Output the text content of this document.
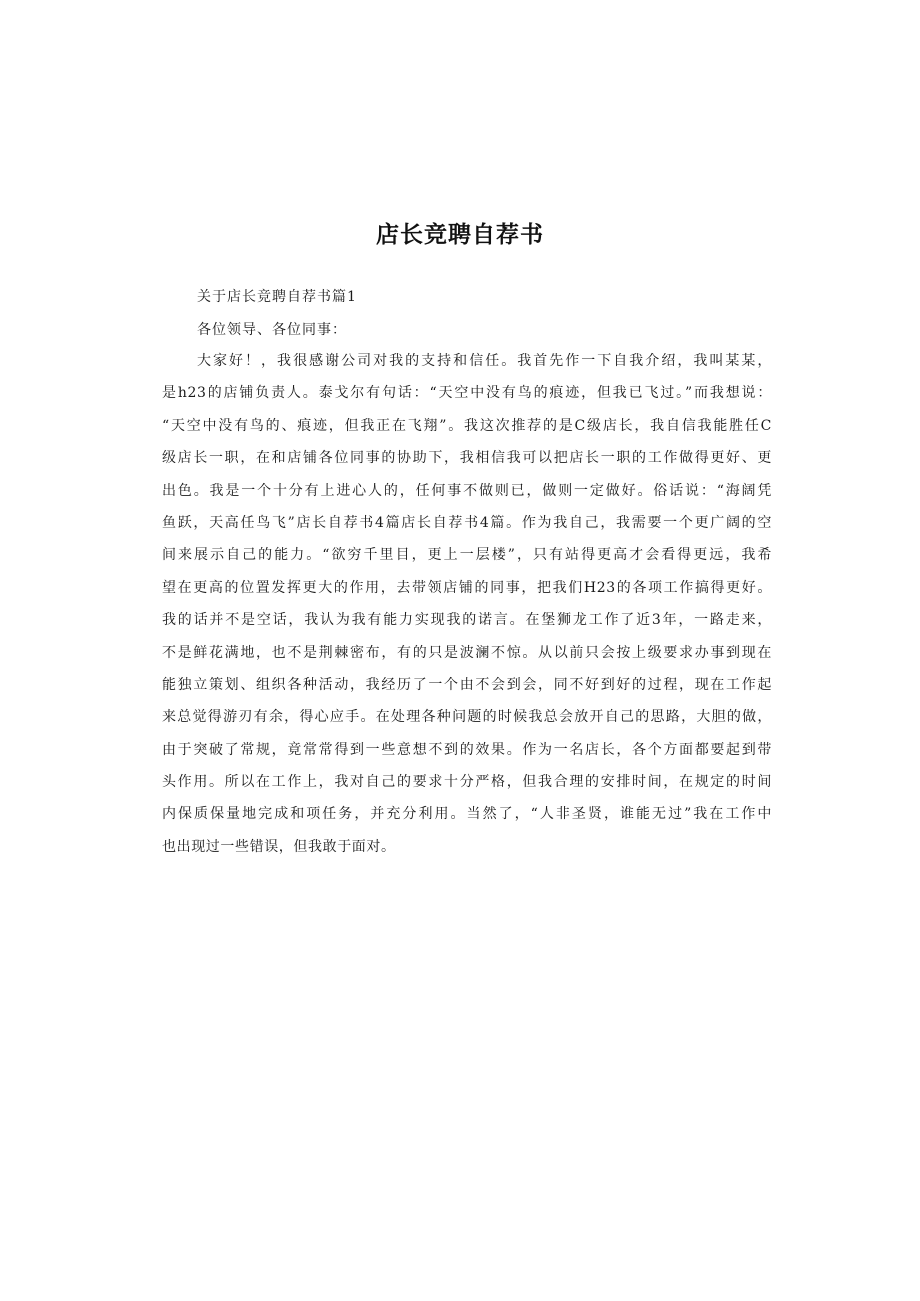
店长竞聘自荐书
关于店长竞聘自荐书篇1
各位领导、各位同事：
大家好！，我很感谢公司对我的支持和信任。我首先作一下自我介绍，我叫某某，
是h23的店铺负责人。泰戈尔有句话：“天空中没有鸟的痕迹，但我已飞过。”而我想说：
“天空中没有鸟的、痕迹，但我正在飞翔”。我这次推荐的是C级店长，我自信我能胜任C
级店长一职，在和店铺各位同事的协助下，我相信我可以把店长一职的工作做得更好、更
出色。我是一个十分有上进心人的，任何事不做则已，做则一定做好。俗话说：“海阔凭
鱼跃，天高任鸟飞”店长自荐书4篇店长自荐书4篇。作为我自己，我需要一个更广阔的空
间来展示自己的能力。“欲穷千里目，更上一层楼”，只有站得更高才会看得更远，我希
望在更高的位置发挥更大的作用，去带领店铺的同事，把我们H23的各项工作搞得更好。
我的话并不是空话，我认为我有能力实现我的诺言。在堡狮龙工作了近3年，一路走来，
不是鲜花满地，也不是荆棘密布，有的只是波澜不惊。从以前只会按上级要求办事到现在
能独立策划、组织各种活动，我经历了一个由不会到会，同不好到好的过程，现在工作起
来总觉得游刃有余，得心应手。在处理各种问题的时候我总会放开自己的思路，大胆的做，
由于突破了常规，竟常常得到一些意想不到的效果。作为一名店长，各个方面都要起到带
头作用。所以在工作上，我对自己的要求十分严格，但我合理的安排时间，在规定的时间
内保质保量地完成和项任务，并充分利用。当然了，“人非圣贤，谁能无过”我在工作中
也出现过一些错误，但我敢于面对。
